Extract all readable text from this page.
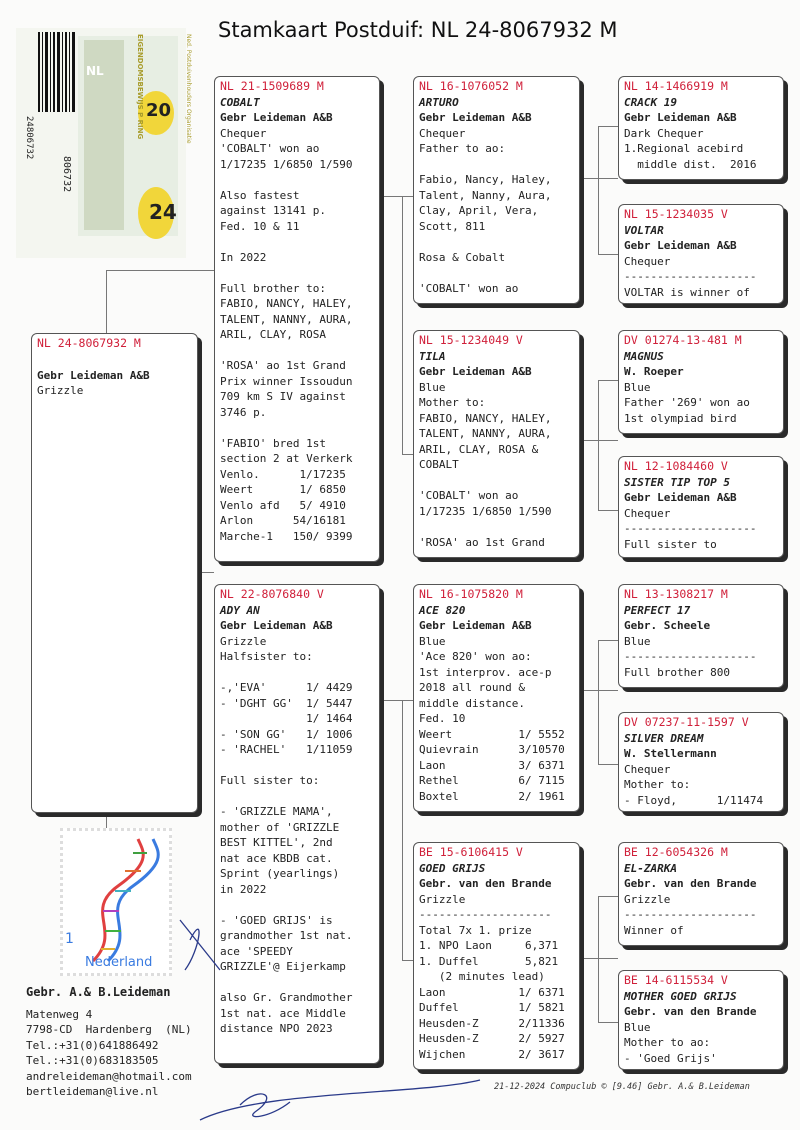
Stamkaart Postduif: NL 24-8067932 M
20
24
NL
806732
24806732	EIGENDOMSBEWIJS P RING	Ned. Postduivenhouders Organisatie
NL 24-8067932 M
Gebr Leideman A&B
Grizzle
NL 21-1509689 M
COBALT
Gebr Leideman A&B
Chequer
'COBALT' won ao
1/17235 1/6850 1/590
Also fastest
against 13141 p.
Fed. 10 & 11
In 2022
Full brother to:
FABIO, NANCY, HALEY,
TALENT, NANNY, AURA,
ARIL, CLAY, ROSA
'ROSA' ao 1st Grand
Prix winner Issoudun
709 km S IV against
3746 p.
'FABIO' bred 1st
section 2 at Verkerk
Venlo.      1/17235
Weert       1/ 6850
Venlo afd   5/ 4910
Arlon      54/16181
Marche-1   150/ 9399
NL 22-8076840 V
ADY AN
Gebr Leideman A&B
Grizzle
Halfsister to:
-,'EVA'      1/ 4429
- 'DGHT GG'  1/ 5447
1/ 1464
- 'SON GG'   1/ 1006
- 'RACHEL'   1/11059
Full sister to:
- 'GRIZZLE MAMA',
mother of 'GRIZZLE
BEST KITTEL', 2nd
nat ace KBDB cat.
Sprint (yearlings)
in 2022
- 'GOED GRIJS' is
grandmother 1st nat.
ace 'SPEEDY
GRIZZLE'@ Eijerkamp
also Gr. Grandmother
1st nat. ace Middle
distance NPO 2023
NL 16-1076052 M
ARTURO
Gebr Leideman A&B
Chequer
Father to ao:
Fabio, Nancy, Haley,
Talent, Nanny, Aura,
Clay, April, Vera,
Scott, 811
Rosa & Cobalt
'COBALT' won ao
NL 15-1234049 V
TILA
Gebr Leideman A&B
Blue
Mother to:
FABIO, NANCY, HALEY,
TALENT, NANNY, AURA,
ARIL, CLAY, ROSA &
COBALT
'COBALT' won ao
1/17235 1/6850 1/590
'ROSA' ao 1st Grand
NL 16-1075820 M
ACE 820
Gebr Leideman A&B
Blue
'Ace 820' won ao:
1st interprov. ace-p
2018 all round &
middle distance.
Fed. 10
Weert          1/ 5552
Quievrain      3/10570
Laon           3/ 6371
Rethel         6/ 7115
Boxtel         2/ 1961
BE 15-6106415 V
GOED GRIJS
Gebr. van den Brande
Grizzle
--------------------
Total 7x 1. prize
1. NPO Laon     6,371
1. Duffel       5,821
(2 minutes lead)
Laon           1/ 6371
Duffel         1/ 5821
Heusden-Z      2/11336
Heusden-Z      2/ 5927
Wijchen        2/ 3617
NL 14-1466919 M
CRACK 19
Gebr Leideman A&B
Dark Chequer
1.Regional acebird
middle dist.  2016
NL 15-1234035 V
VOLTAR
Gebr Leideman A&B
Chequer
--------------------
VOLTAR is winner of
DV 01274-13-481 M
MAGNUS
W. Roeper
Blue
Father '269' won ao
1st olympiad bird
NL 12-1084460 V
SISTER TIP TOP 5
Gebr Leideman A&B
Chequer
--------------------
Full sister to
NL 13-1308217 M
PERFECT 17
Gebr. Scheele
Blue
--------------------
Full brother 800
DV 07237-11-1597 V
SILVER DREAM
W. Stellermann
Chequer
Mother to:
- Floyd,      1/11474
BE 12-6054326 M
EL-ZARKA
Gebr. van den Brande
Grizzle
--------------------
Winner of
BE 14-6115534 V
MOTHER GOED GRIJS
Gebr. van den Brande
Blue
Mother to ao:
- 'Goed Grijs'
1
Nederland
Gebr. A.& B.Leideman
Matenweg 4
7798-CD  Hardenberg  (NL)
Tel.:+31(0)641886492
Tel.:+31(0)683183505
andreleideman@hotmail.com
bertleideman@live.nl	21-12-2024 Compuclub © [9.46] Gebr. A.& B.Leideman
